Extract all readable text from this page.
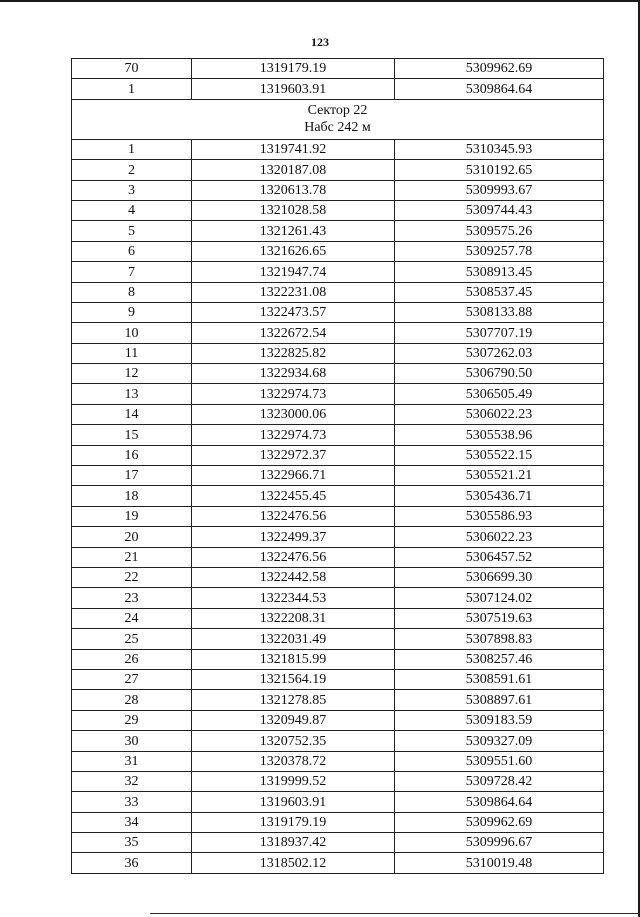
123
70	1319179.19	5309962.69
1	1319603.91	5309864.64

Сектор 22
Набс 242 м		

1	1319741.92	5310345.93
2	1320187.08	5310192.65
3	1320613.78	5309993.67
4	1321028.58	5309744.43
5	1321261.43	5309575.26
6	1321626.65	5309257.78
7	1321947.74	5308913.45
8	1322231.08	5308537.45
9	1322473.57	5308133.88
10	1322672.54	5307707.19
11	1322825.82	5307262.03
12	1322934.68	5306790.50
13	1322974.73	5306505.49
14	1323000.06	5306022.23
15	1322974.73	5305538.96
16	1322972.37	5305522.15
17	1322966.71	5305521.21
18	1322455.45	5305436.71
19	1322476.56	5305586.93
20	1322499.37	5306022.23
21	1322476.56	5306457.52
22	1322442.58	5306699.30
23	1322344.53	5307124.02
24	1322208.31	5307519.63
25	1322031.49	5307898.83
26	1321815.99	5308257.46
27	1321564.19	5308591.61
28	1321278.85	5308897.61
29	1320949.87	5309183.59
30	1320752.35	5309327.09
31	1320378.72	5309551.60
32	1319999.52	5309728.42
33	1319603.91	5309864.64
34	1319179.19	5309962.69
35	1318937.42	5309996.67
36	1318502.12	5310019.48
